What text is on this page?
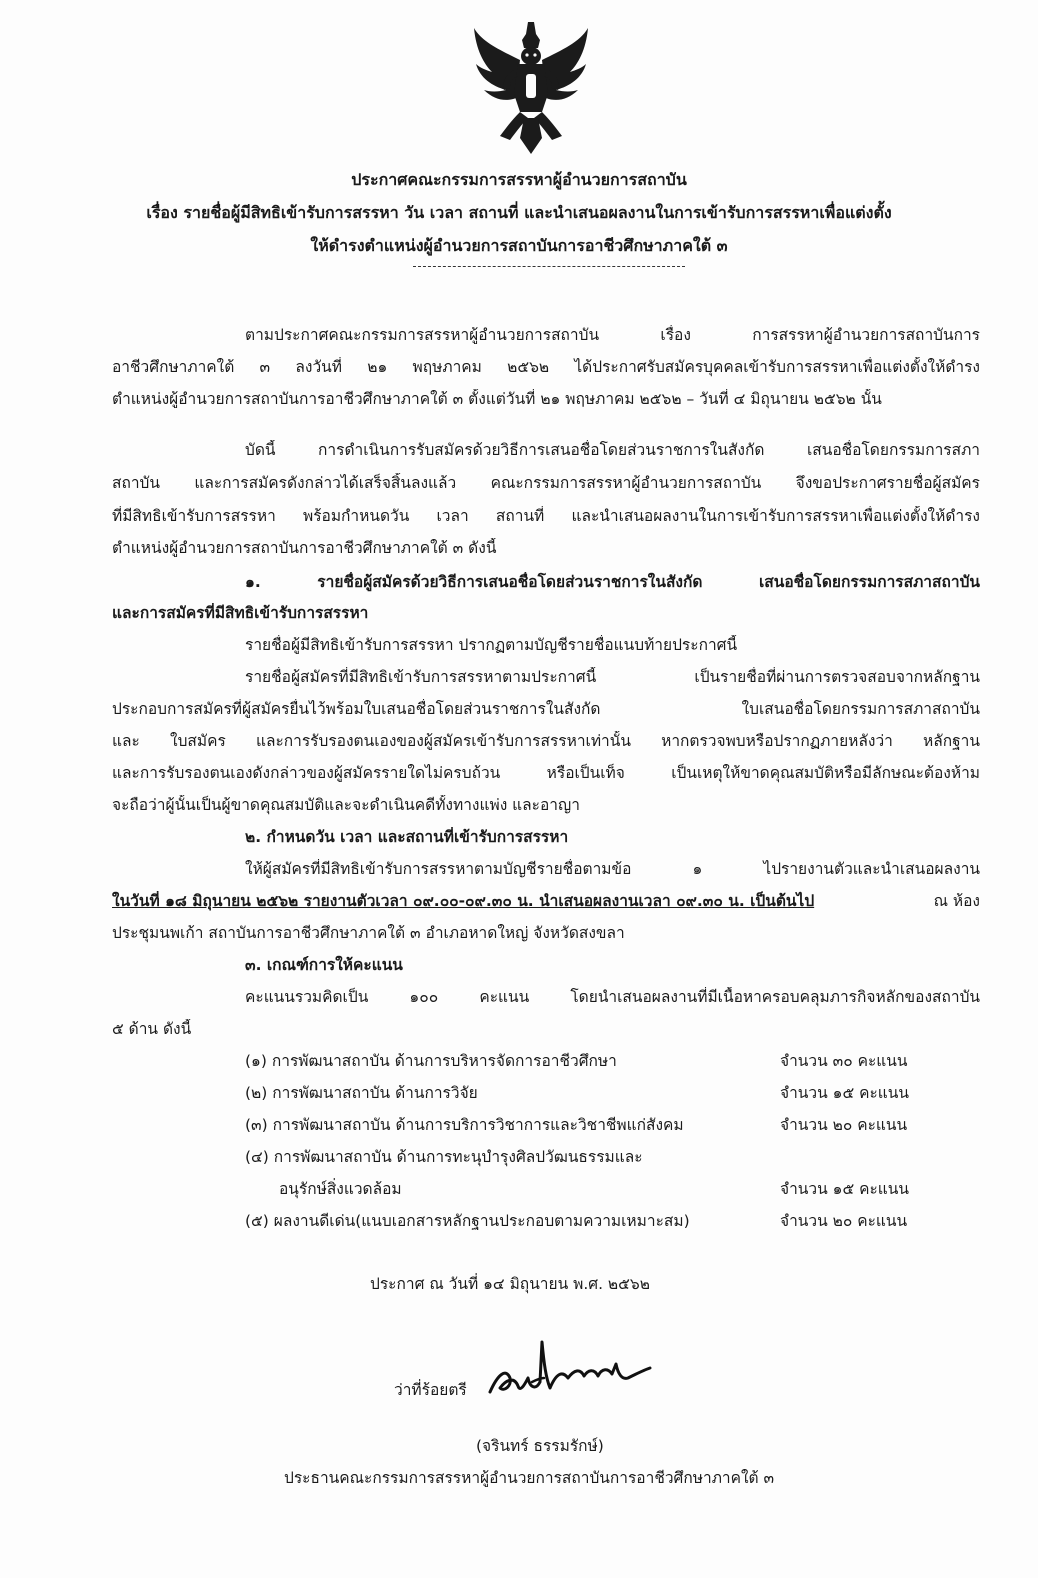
ประกาศคณะกรรมการสรรหาผู้อำนวยการสถาบัน
เรื่อง รายชื่อผู้มีสิทธิเข้ารับการสรรหา วัน เวลา สถานที่ และนำเสนอผลงานในการเข้ารับการสรรหาเพื่อแต่งตั้ง
ให้ดำรงตำแหน่งผู้อำนวยการสถาบันการอาชีวศึกษาภาคใต้ ๓
ตามประกาศคณะกรรมการสรรหาผู้อำนวยการสถาบัน เรื่อง การสรรหาผู้อำนวยการสถาบันการ
อาชีวศึกษาภาคใต้ ๓ ลงวันที่ ๒๑ พฤษภาคม ๒๕๖๒ ได้ประกาศรับสมัครบุคคลเข้ารับการสรรหาเพื่อแต่งตั้งให้ดำรง
ตำแหน่งผู้อำนวยการสถาบันการอาชีวศึกษาภาคใต้ ๓ ตั้งแต่วันที่ ๒๑ พฤษภาคม ๒๕๖๒ – วันที่ ๔ มิถุนายน ๒๕๖๒ นั้น
บัดนี้ การดำเนินการรับสมัครด้วยวิธีการเสนอชื่อโดยส่วนราชการในสังกัด เสนอชื่อโดยกรรมการสภา
สถาบัน และการสมัครดังกล่าวได้เสร็จสิ้นลงแล้ว คณะกรรมการสรรหาผู้อำนวยการสถาบัน จึงขอประกาศรายชื่อผู้สมัคร
ที่มีสิทธิเข้ารับการสรรหา พร้อมกำหนดวัน เวลา สถานที่ และนำเสนอผลงานในการเข้ารับการสรรหาเพื่อแต่งตั้งให้ดำรง
ตำแหน่งผู้อำนวยการสถาบันการอาชีวศึกษาภาคใต้ ๓ ดังนี้
๑. รายชื่อผู้สมัครด้วยวิธีการเสนอชื่อโดยส่วนราชการในสังกัด เสนอชื่อโดยกรรมการสภาสถาบัน
และการสมัครที่มีสิทธิเข้ารับการสรรหา
รายชื่อผู้มีสิทธิเข้ารับการสรรหา ปรากฏตามบัญชีรายชื่อแนบท้ายประกาศนี้
รายชื่อผู้สมัครที่มีสิทธิเข้ารับการสรรหาตามประกาศนี้ เป็นรายชื่อที่ผ่านการตรวจสอบจากหลักฐาน
ประกอบการสมัครที่ผู้สมัครยื่นไว้พร้อมใบเสนอชื่อโดยส่วนราชการในสังกัด ใบเสนอชื่อโดยกรรมการสภาสถาบัน
และ ใบสมัคร และการรับรองตนเองของผู้สมัครเข้ารับการสรรหาเท่านั้น หากตรวจพบหรือปรากฏภายหลังว่า หลักฐาน
และการรับรองตนเองดังกล่าวของผู้สมัครรายใดไม่ครบถ้วน หรือเป็นเท็จ เป็นเหตุให้ขาดคุณสมบัติหรือมีลักษณะต้องห้าม
จะถือว่าผู้นั้นเป็นผู้ขาดคุณสมบัติและจะดำเนินคดีทั้งทางแพ่ง และอาญา
๒. กำหนดวัน เวลา และสถานที่เข้ารับการสรรหา
ให้ผู้สมัครที่มีสิทธิเข้ารับการสรรหาตามบัญชีรายชื่อตามข้อ ๑ ไปรายงานตัวและนำเสนอผลงาน
ในวันที่ ๑๘ มิถุนายน ๒๕๖๒ รายงานตัวเวลา ๐๙.๐๐-๐๙.๓๐ น. นำเสนอผลงานเวลา ๐๙.๓๐ น. เป็นต้นไป	ณ ห้อง
ประชุมนพเก้า สถาบันการอาชีวศึกษาภาคใต้ ๓ อำเภอหาดใหญ่ จังหวัดสงขลา
๓. เกณฑ์การให้คะแนน
คะแนนรวมคิดเป็น ๑๐๐ คะแนน โดยนำเสนอผลงานที่มีเนื้อหาครอบคลุมภารกิจหลักของสถาบัน
๕ ด้าน ดังนี้
(๑) การพัฒนาสถาบัน ด้านการบริหารจัดการอาชีวศึกษา	จำนวน ๓๐ คะแนน
(๒) การพัฒนาสถาบัน ด้านการวิจัย	จำนวน ๑๕ คะแนน
(๓) การพัฒนาสถาบัน ด้านการบริการวิชาการและวิชาชีพแก่สังคม	จำนวน ๒๐ คะแนน
(๔) การพัฒนาสถาบัน ด้านการทะนุบำรุงศิลปวัฒนธรรมและ
อนุรักษ์สิ่งแวดล้อม	จำนวน ๑๕ คะแนน
(๕) ผลงานดีเด่น(แนบเอกสารหลักฐานประกอบตามความเหมาะสม)	จำนวน ๒๐ คะแนน
ประกาศ ณ วันที่ ๑๔ มิถุนายน พ.ศ. ๒๕๖๒
ว่าที่ร้อยตรี
(จรินทร์ ธรรมรักษ์)
ประธานคณะกรรมการสรรหาผู้อำนวยการสถาบันการอาชีวศึกษาภาคใต้ ๓
